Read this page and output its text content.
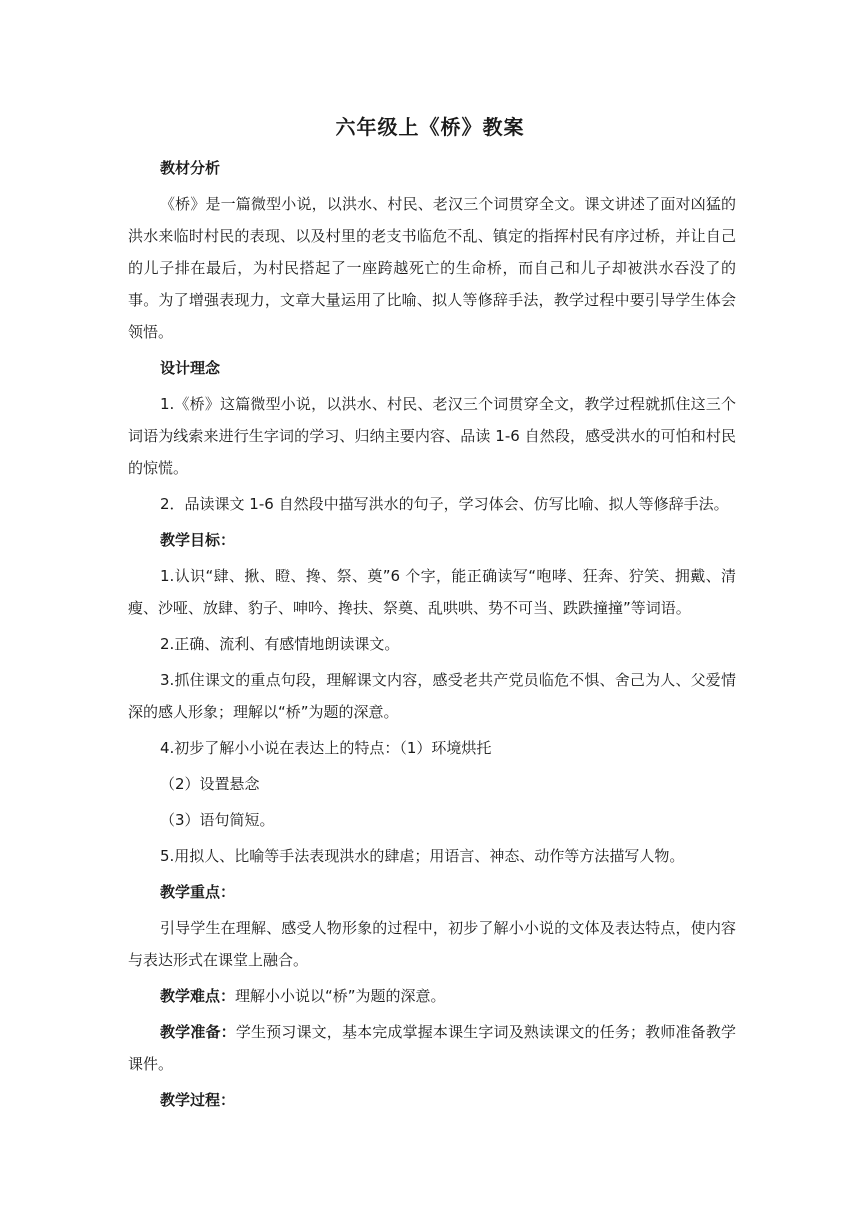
六年级上《桥》教案

教材分析

《桥》是一篇微型小说，以洪水、村民、老汉三个词贯穿全文。课文讲述了面对凶猛的洪水来临时村民的表现、以及村里的老支书临危不乱、镇定的指挥村民有序过桥，并让自己的儿子排在最后，为村民搭起了一座跨越死亡的生命桥，而自己和儿子却被洪水吞没了的事。为了增强表现力，文章大量运用了比喻、拟人等修辞手法，教学过程中要引导学生体会领悟。

设计理念

1.《桥》这篇微型小说，以洪水、村民、老汉三个词贯穿全文，教学过程就抓住这三个词语为线索来进行生字词的学习、归纳主要内容、品读 1-6 自然段，感受洪水的可怕和村民的惊慌。

2．品读课文 1-6 自然段中描写洪水的句子，学习体会、仿写比喻、拟人等修辞手法。

教学目标：

1.认识“肆、揪、瞪、搀、祭、奠”6 个字，能正确读写“咆哮、狂奔、狞笑、拥戴、清瘦、沙哑、放肆、豹子、呻吟、搀扶、祭奠、乱哄哄、势不可当、跌跌撞撞”等词语。

2.正确、流利、有感情地朗读课文。

3.抓住课文的重点句段，理解课文内容，感受老共产党员临危不惧、舍己为人、父爱情深的感人形象；理解以“桥”为题的深意。

4.初步了解小小说在表达上的特点：（1）环境烘托

（2）设置悬念

（3）语句简短。

5.用拟人、比喻等手法表现洪水的肆虐；用语言、神态、动作等方法描写人物。

教学重点：

引导学生在理解、感受人物形象的过程中，初步了解小小说的文体及表达特点，使内容与表达形式在课堂上融合。

教学难点：理解小小说以“桥”为题的深意。

教学准备：学生预习课文，基本完成掌握本课生字词及熟读课文的任务；教师准备教学课件。

教学过程：
